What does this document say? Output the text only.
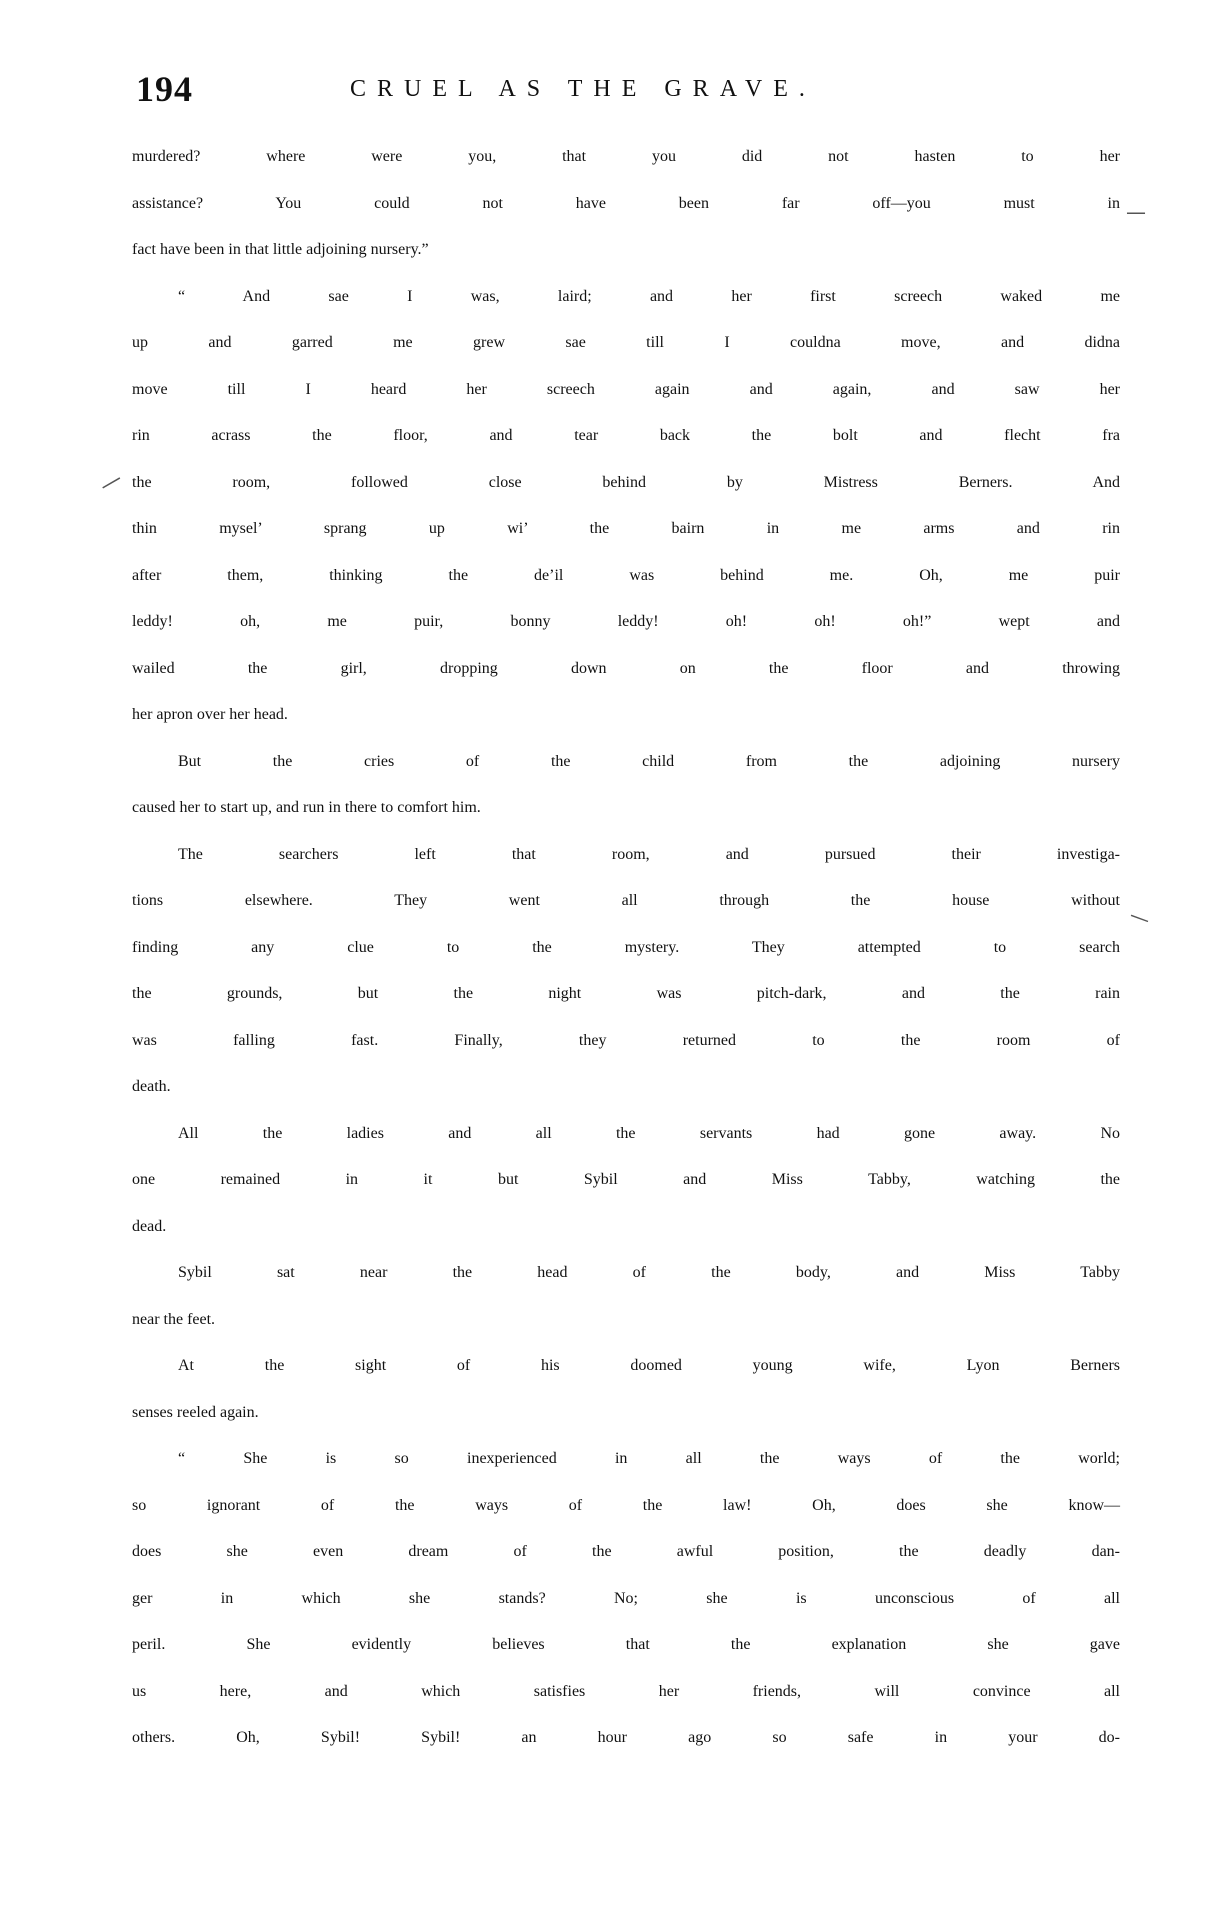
194	CRUEL AS THE GRAVE.
murdered? where were you, that you did not hasten to her
assistance? You could not have been far off—you must in
fact have been in that little adjoining nursery.”
“ And sae I was, laird; and her first screech waked me
up and garred me grew sae till I couldna move, and didna
move till I heard her screech again and again, and saw her
rin acrass the floor, and tear back the bolt and flecht fra
the room, followed close behind by Mistress Berners. And
thin mysel’ sprang up wi’ the bairn in me arms and rin
after them, thinking the de’il was behind me. Oh, me puir
leddy! oh, me puir, bonny leddy! oh! oh! oh!” wept and
wailed the girl, dropping down on the floor and throwing
her apron over her head.
But the cries of the child from the adjoining nursery
caused her to start up, and run in there to comfort him.
The searchers left that room, and pursued their investiga-
tions elsewhere. They went all through the house without
finding any clue to the mystery. They attempted to search
the grounds, but the night was pitch-dark, and the rain
was falling fast. Finally, they returned to the room of
death.
All the ladies and all the servants had gone away. No
one remained in it but Sybil and Miss Tabby, watching the
dead.
Sybil sat near the head of the body, and Miss Tabby
near the feet.
At the sight of his doomed young wife, Lyon Berners
senses reeled again.
“ She is so inexperienced in all the ways of the world;
so ignorant of the ways of the law! Oh, does she know—
does she even dream of the awful position, the deadly dan-
ger in which she stands? No; she is unconscious of all
peril. She evidently believes that the explanation she gave
us here, and which satisfies her friends, will convince all
others. Oh, Sybil! Sybil! an hour ago so safe in your do-
—
—
—
